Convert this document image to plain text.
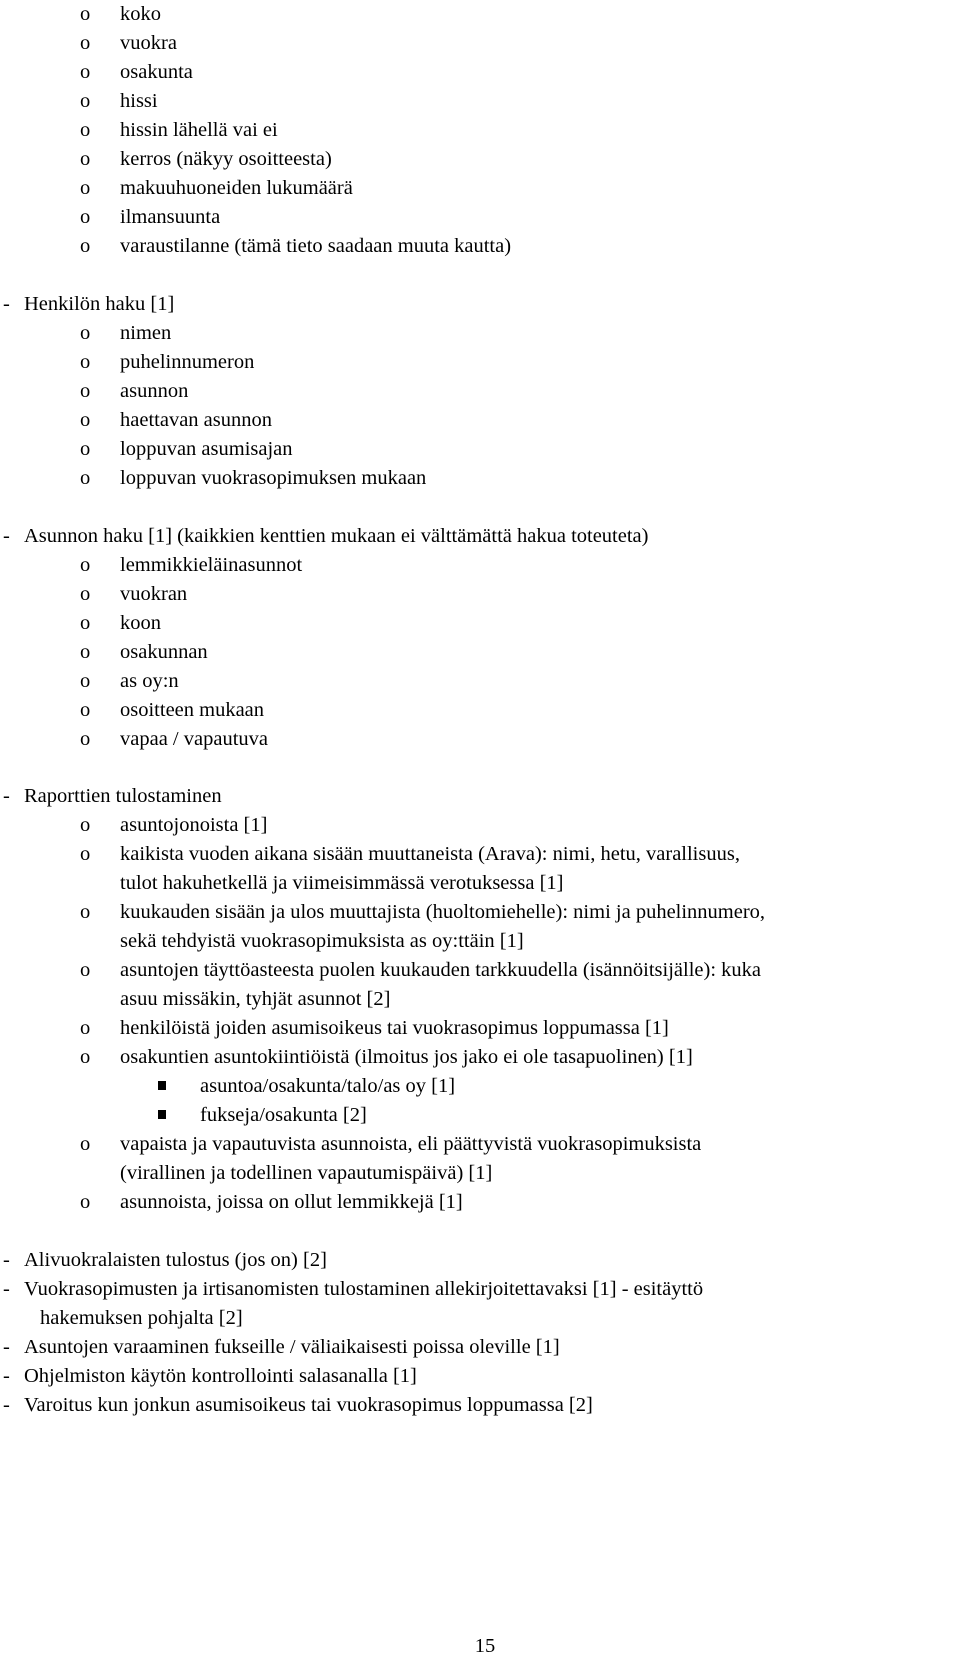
15
o koko
o vuokra
o osakunta
o hissi
o hissin lähellä vai ei
o kerros (näkyy osoitteesta)
o makuuhuoneiden lukumäärä
o ilmansuunta
o varaustilanne (tämä tieto saadaan muuta kautta)
- Henkilön haku [1]
o nimen
o puhelinnumeron
o asunnon
o haettavan asunnon
o loppuvan asumisajan
o loppuvan vuokrasopimuksen mukaan
- Asunnon haku [1] (kaikkien kenttien mukaan ei välttämättä hakua toteuteta)
o lemmikkieläinasunnot
o vuokran
o koon
o osakunnan
o as oy:n
o osoitteen mukaan
o vapaa / vapautuva
- Raporttien tulostaminen
o asuntojonoista [1]
o kaikista vuoden aikana sisään muuttaneista (Arava): nimi, hetu, varallisuus,
tulot hakuhetkellä ja viimeisimmässä verotuksessa [1]
o kuukauden sisään ja ulos muuttajista (huoltomiehelle): nimi ja puhelinnumero,
sekä tehdyistä vuokrasopimuksista as oy:ttäin [1]
o asuntojen täyttöasteesta puolen kuukauden tarkkuudella (isännöitsijälle): kuka
asuu missäkin, tyhjät asunnot [2]
o henkilöistä joiden asumisoikeus tai vuokrasopimus loppumassa [1]
o osakuntien asuntokiintiöistä (ilmoitus jos jako ei ole tasapuolinen) [1]
asuntoa/osakunta/talo/as oy [1]
fukseja/osakunta [2]
o vapaista ja vapautuvista asunnoista, eli päättyvistä vuokrasopimuksista
(virallinen ja todellinen vapautumispäivä) [1]
o asunnoista, joissa on ollut lemmikkejä [1]
- Alivuokralaisten tulostus (jos on) [2]
- Vuokrasopimusten ja irtisanomisten tulostaminen allekirjoitettavaksi [1] - esitäyttö
hakemuksen pohjalta [2]
- Asuntojen varaaminen fukseille / väliaikaisesti poissa oleville [1]
- Ohjelmiston käytön kontrollointi salasanalla [1]
- Varoitus kun jonkun asumisoikeus tai vuokrasopimus loppumassa [2]
